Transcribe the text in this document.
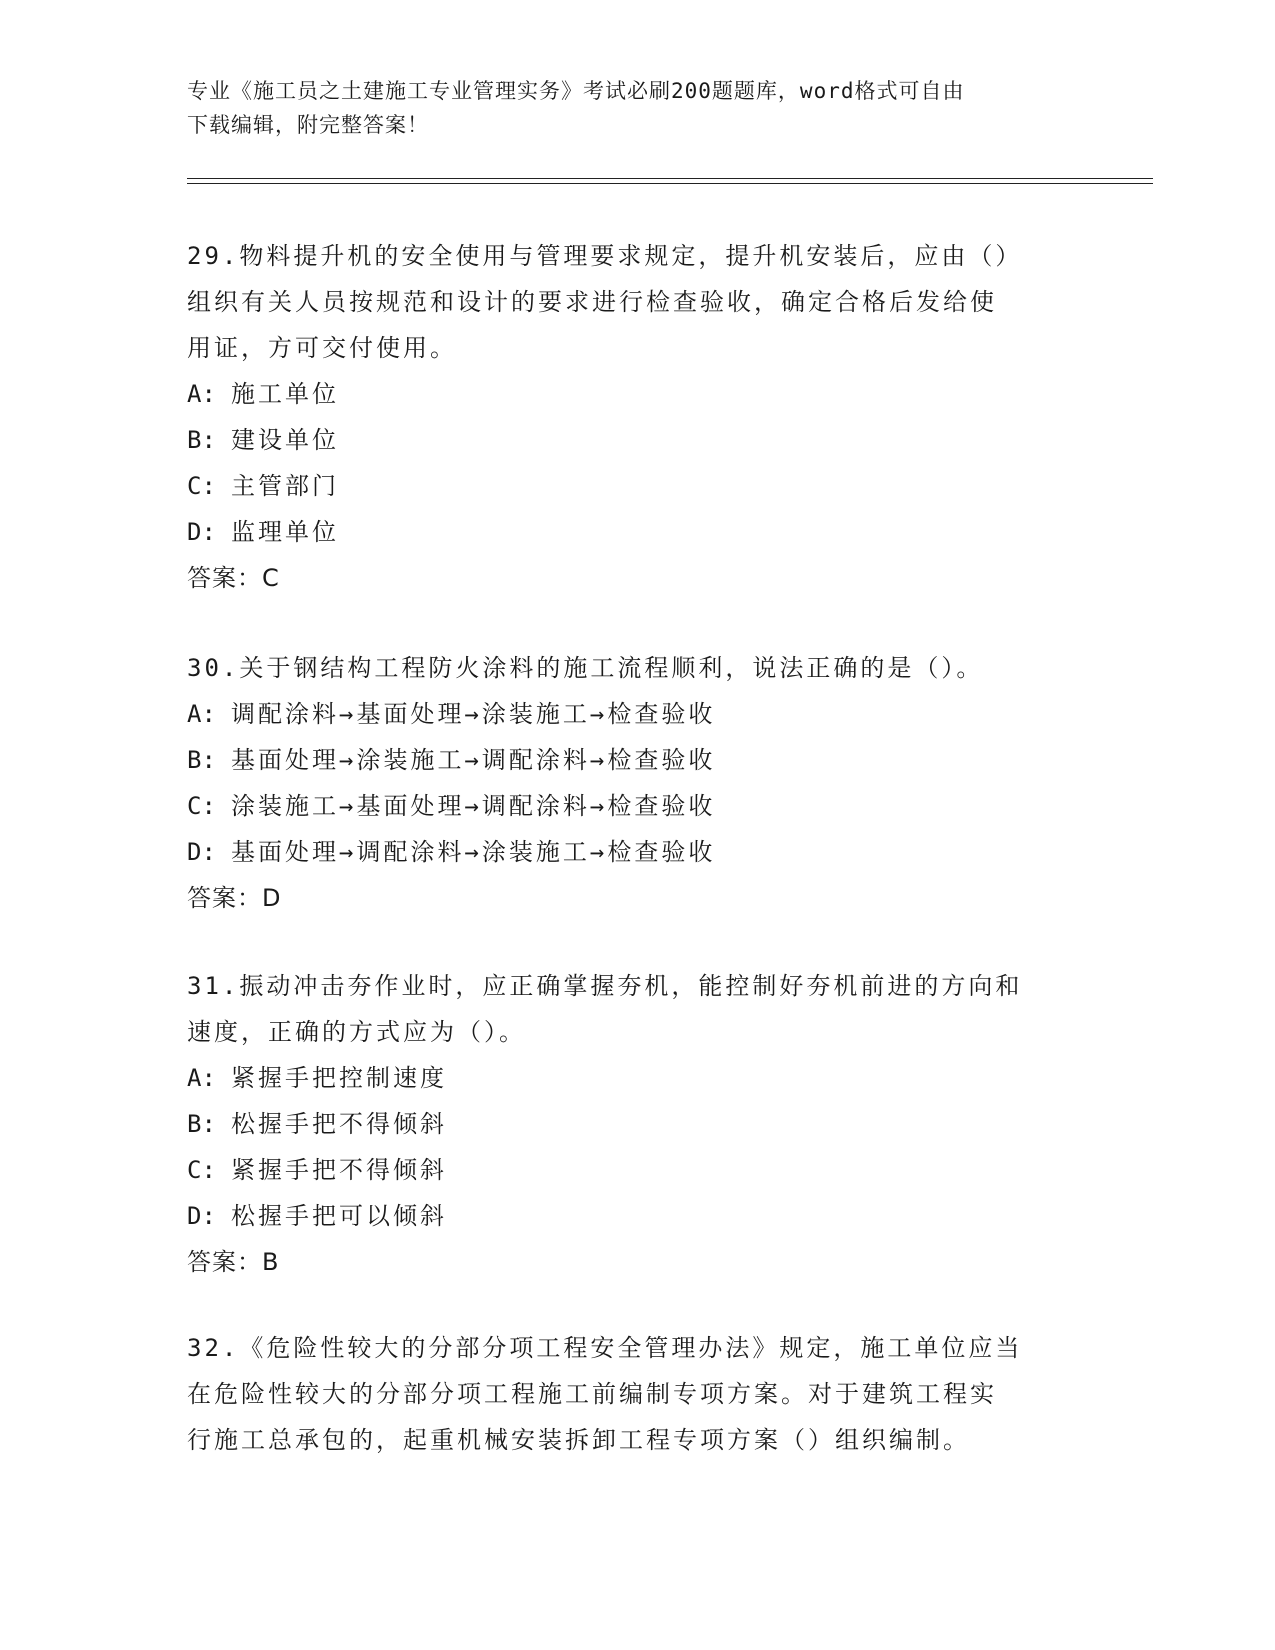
专业《施工员之土建施工专业管理实务》考试必刷200题题库，word格式可自由
下载编辑，附完整答案！

29.物料提升机的安全使用与管理要求规定，提升机安装后，应由（）

组织有关人员按规范和设计的要求进行检查验收，确定合格后发给使

用证，方可交付使用。

A: 施工单位

B: 建设单位

C: 主管部门

D: 监理单位

答案：C

30.关于钢结构工程防火涂料的施工流程顺利，说法正确的是（）。

A: 调配涂料→基面处理→涂装施工→检查验收

B: 基面处理→涂装施工→调配涂料→检查验收

C: 涂装施工→基面处理→调配涂料→检查验收

D: 基面处理→调配涂料→涂装施工→检查验收

答案：D

31.振动冲击夯作业时，应正确掌握夯机，能控制好夯机前进的方向和

速度，正确的方式应为（）。

A: 紧握手把控制速度

B: 松握手把不得倾斜

C: 紧握手把不得倾斜

D: 松握手把可以倾斜

答案：B

32.《危险性较大的分部分项工程安全管理办法》规定，施工单位应当

在危险性较大的分部分项工程施工前编制专项方案。对于建筑工程实

行施工总承包的，起重机械安装拆卸工程专项方案（）组织编制。
